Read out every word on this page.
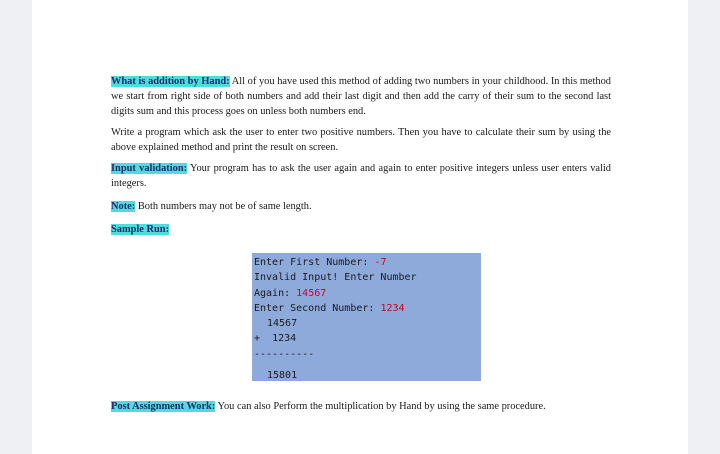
What is addition by Hand: All of you have used this method of adding two numbers in your childhood. In this method we start from right side of both numbers and add their last digit and then add the carry of their sum to the second last digits sum and this process goes on unless both numbers end.

Write a program which ask the user to enter two positive numbers. Then you have to calculate their sum by using the above explained method and print the result on screen.

Input validation: Your program has to ask the user again and again to enter positive integers unless user enters valid integers.

Note: Both numbers may not be of same length.

Sample Run:

Enter First Number: -7
Invalid Input! Enter Number
Again: 14567
Enter Second Number: 1234
14567
+ 1234
----------
15801

Post Assignment Work: You can also Perform the multiplication by Hand by using the same procedure.
